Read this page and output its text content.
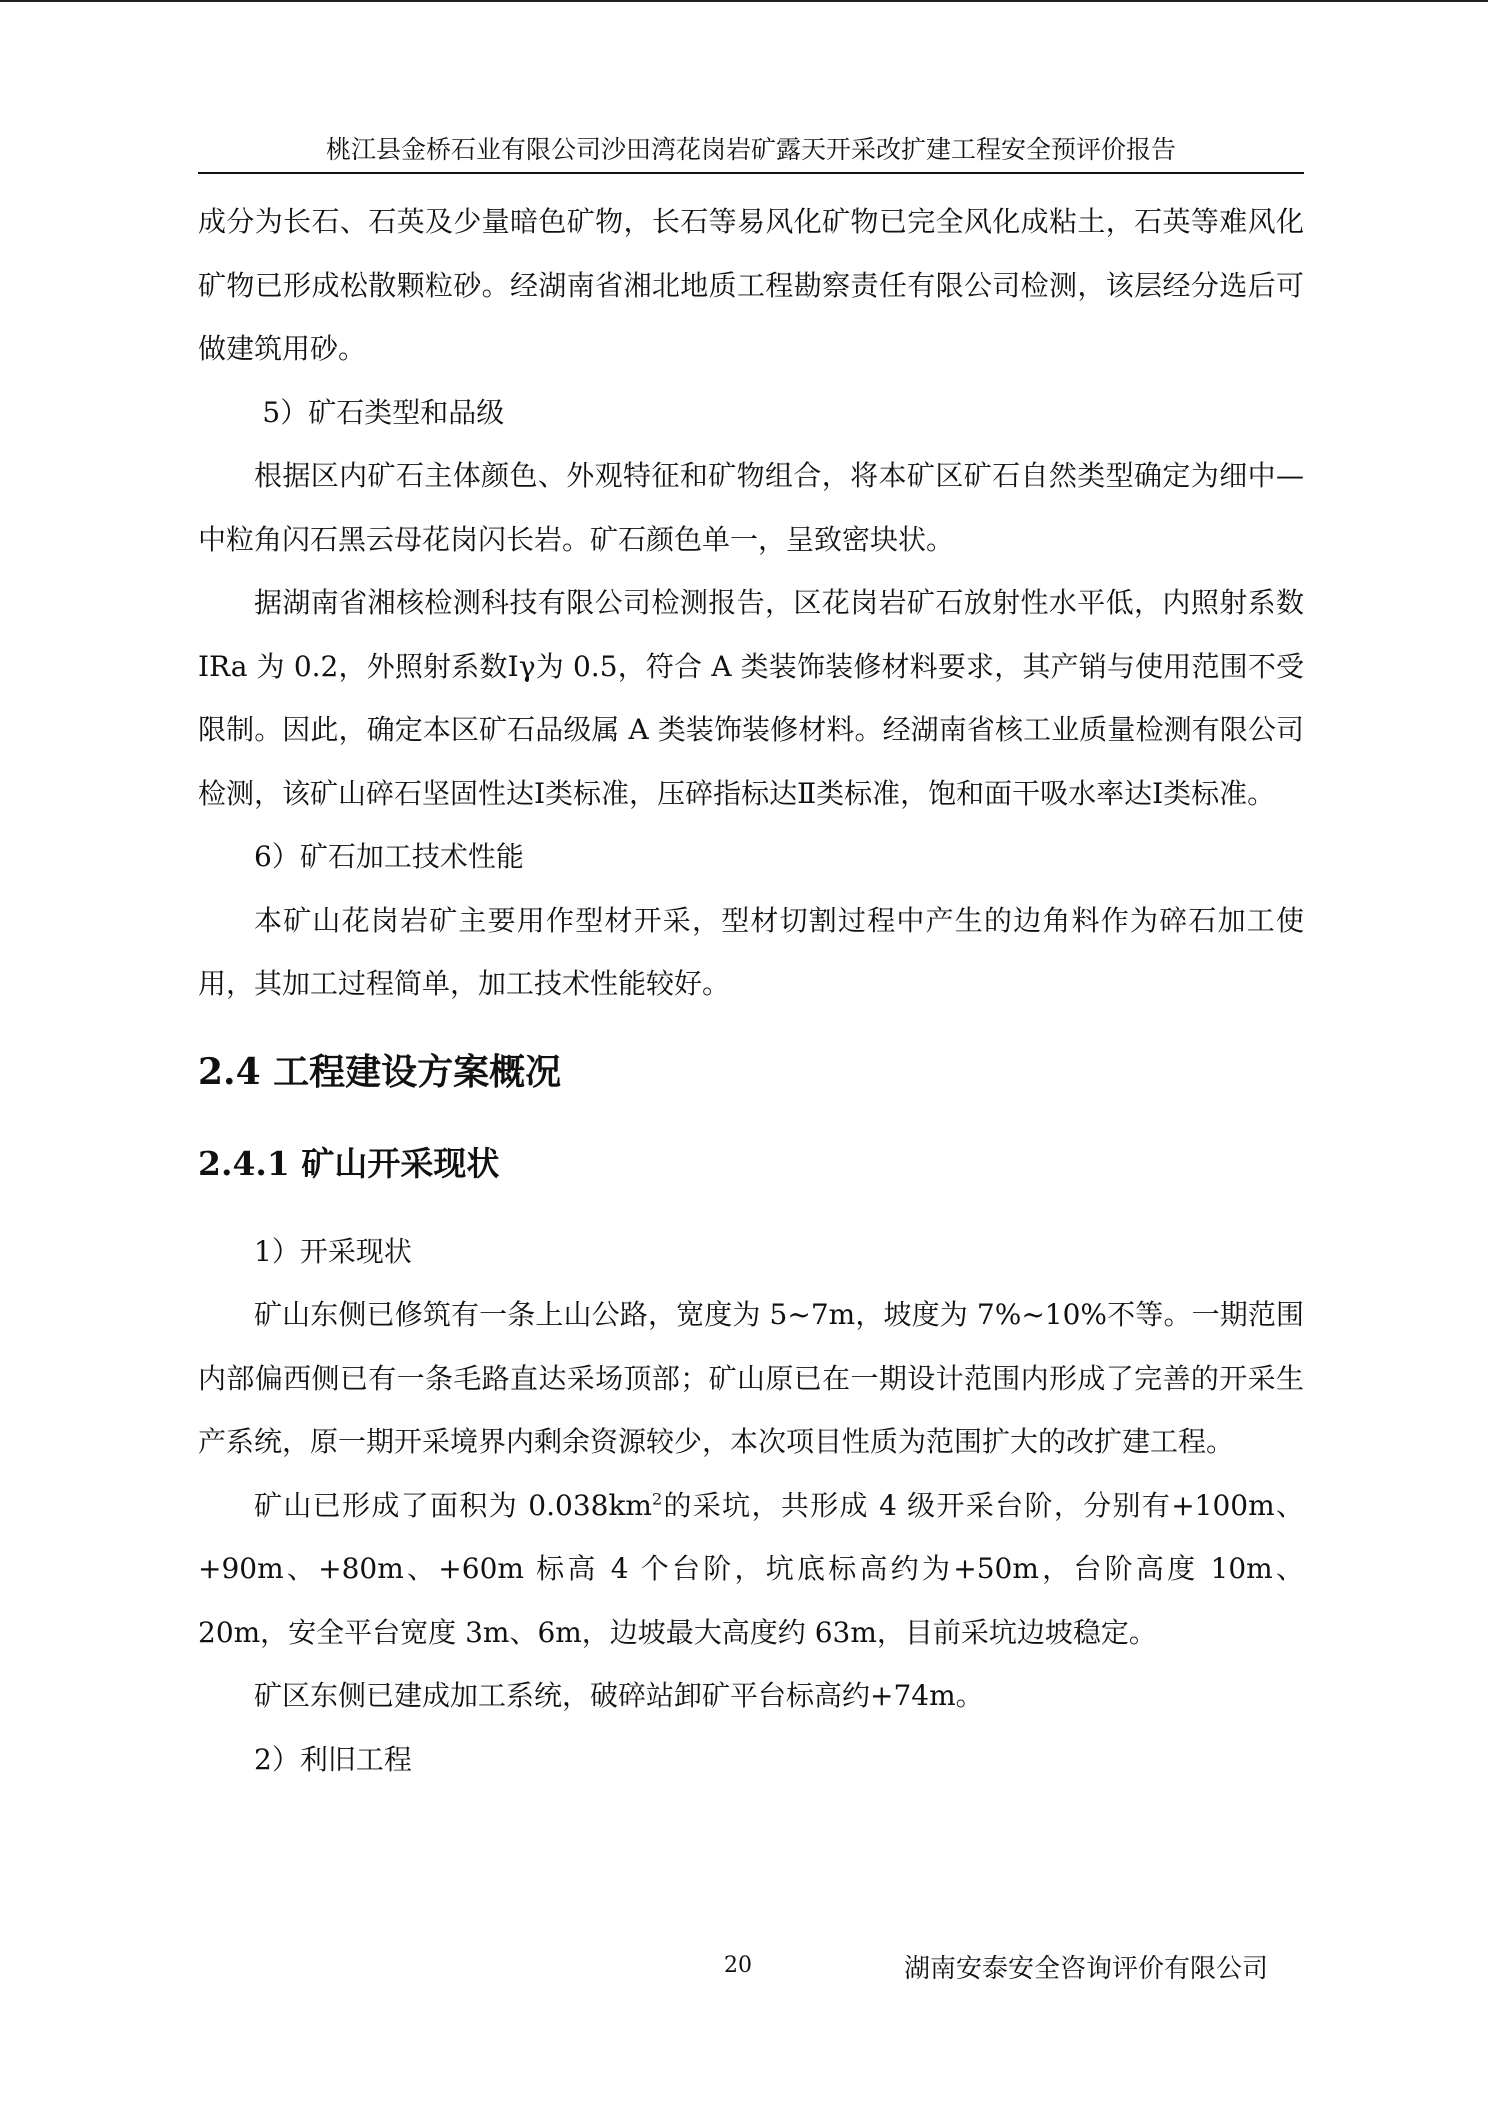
桃江县金桥石业有限公司沙田湾花岗岩矿露天开采改扩建工程安全预评价报告

成分为长石、石英及少量暗色矿物，长石等易风化矿物已完全风化成粘土，石英等难风化矿物已形成松散颗粒砂。经湖南省湘北地质工程勘察责任有限公司检测，该层经分选后可做建筑用砂。

5）矿石类型和品级

根据区内矿石主体颜色、外观特征和矿物组合，将本矿区矿石自然类型确定为细中—中粒角闪石黑云母花岗闪长岩。矿石颜色单一，呈致密块状。

据湖南省湘核检测科技有限公司检测报告，区花岗岩矿石放射性水平低，内照射系数 IRa 为 0.2，外照射系数Ⅰγ为 0.5，符合 A 类装饰装修材料要求，其产销与使用范围不受限制。因此，确定本区矿石品级属 A 类装饰装修材料。经湖南省核工业质量检测有限公司检测，该矿山碎石坚固性达Ⅰ类标准，压碎指标达Ⅱ类标准，饱和面干吸水率达Ⅰ类标准。

6）矿石加工技术性能

本矿山花岗岩矿主要用作型材开采，型材切割过程中产生的边角料作为碎石加工使用，其加工过程简单，加工技术性能较好。

2.4 工程建设方案概况
2.4.1 矿山开采现状

1）开采现状

矿山东侧已修筑有一条上山公路，宽度为 5~7m，坡度为 7%~10%不等。一期范围内部偏西侧已有一条毛路直达采场顶部；矿山原已在一期设计范围内形成了完善的开采生产系统，原一期开采境界内剩余资源较少，本次项目性质为范围扩大的改扩建工程。

矿山已形成了面积为 $0.038km^2$的采坑，共形成 4 级开采台阶，分别有+100m、+90m、+80m、+60m 标高 4 个台阶，坑底标高约为+50m，台阶高度 10m、20m，安全平台宽度 3m、6m，边坡最大高度约 63m，目前采坑边坡稳定。

矿区东侧已建成加工系统，破碎站卸矿平台标高约+74m。

2）利旧工程

20	湖南安泰安全咨询评价有限公司
